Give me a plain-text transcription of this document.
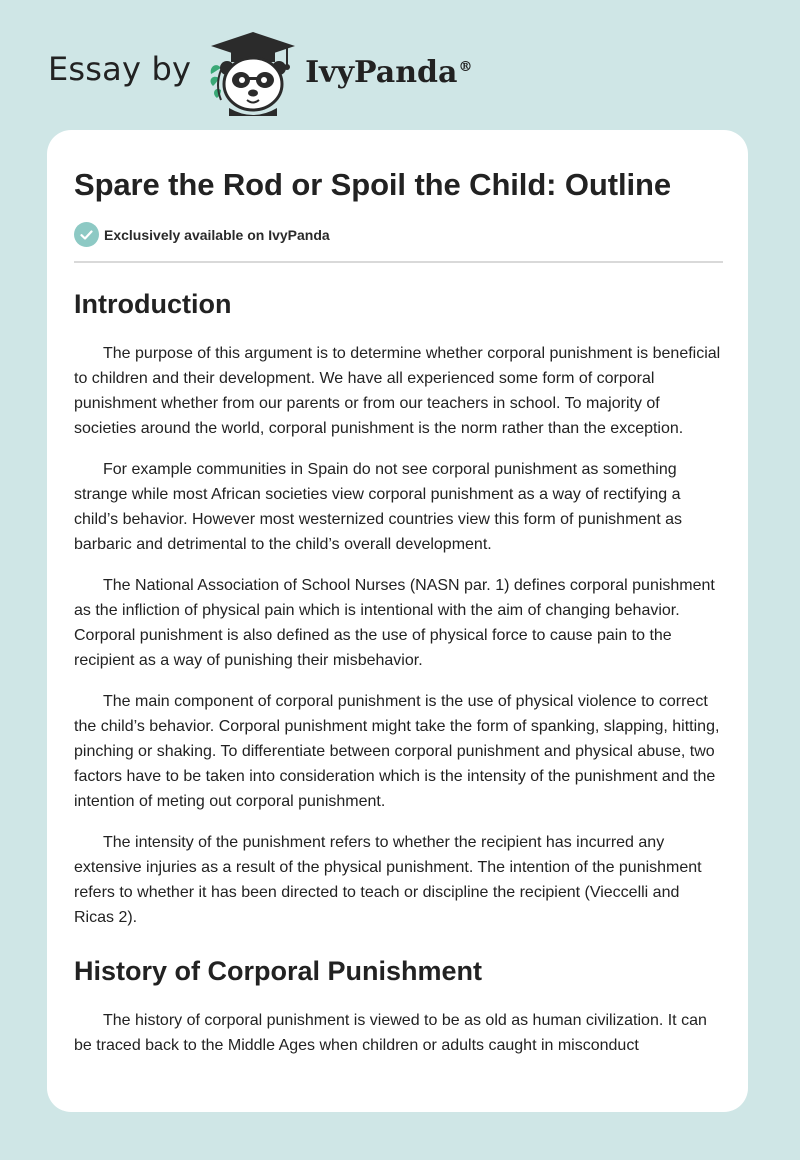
Essay by	IvyPanda®
Spare the Rod or Spoil the Child: Outline
Exclusively available on IvyPanda
Introduction

The purpose of this argument is to determine whether corporal punishment is beneficial to children and their development. We have all experienced some form of corporal punishment whether from our parents or from our teachers in school. To majority of societies around the world, corporal punishment is the norm rather than the exception.

For example communities in Spain do not see corporal punishment as something strange while most African societies view corporal punishment as a way of rectifying a child’s behavior. However most westernized countries view this form of punishment as barbaric and detrimental to the child’s overall development.

The National Association of School Nurses (NASN par. 1) defines corporal punishment as the infliction of physical pain which is intentional with the aim of changing behavior. Corporal punishment is also defined as the use of physical force to cause pain to the recipient as a way of punishing their misbehavior.

The main component of corporal punishment is the use of physical violence to correct the child’s behavior. Corporal punishment might take the form of spanking, slapping, hitting, pinching or shaking. To differentiate between corporal punishment and physical abuse, two factors have to be taken into consideration which is the intensity of the punishment and the intention of meting out corporal punishment.

The intensity of the punishment refers to whether the recipient has incurred any extensive injuries as a result of the physical punishment. The intention of the punishment refers to whether it has been directed to teach or discipline the recipient (Vieccelli and Ricas 2).

History of Corporal Punishment

The history of corporal punishment is viewed to be as old as human civilization. It can be traced back to the Middle Ages when children or adults caught in misconduct
